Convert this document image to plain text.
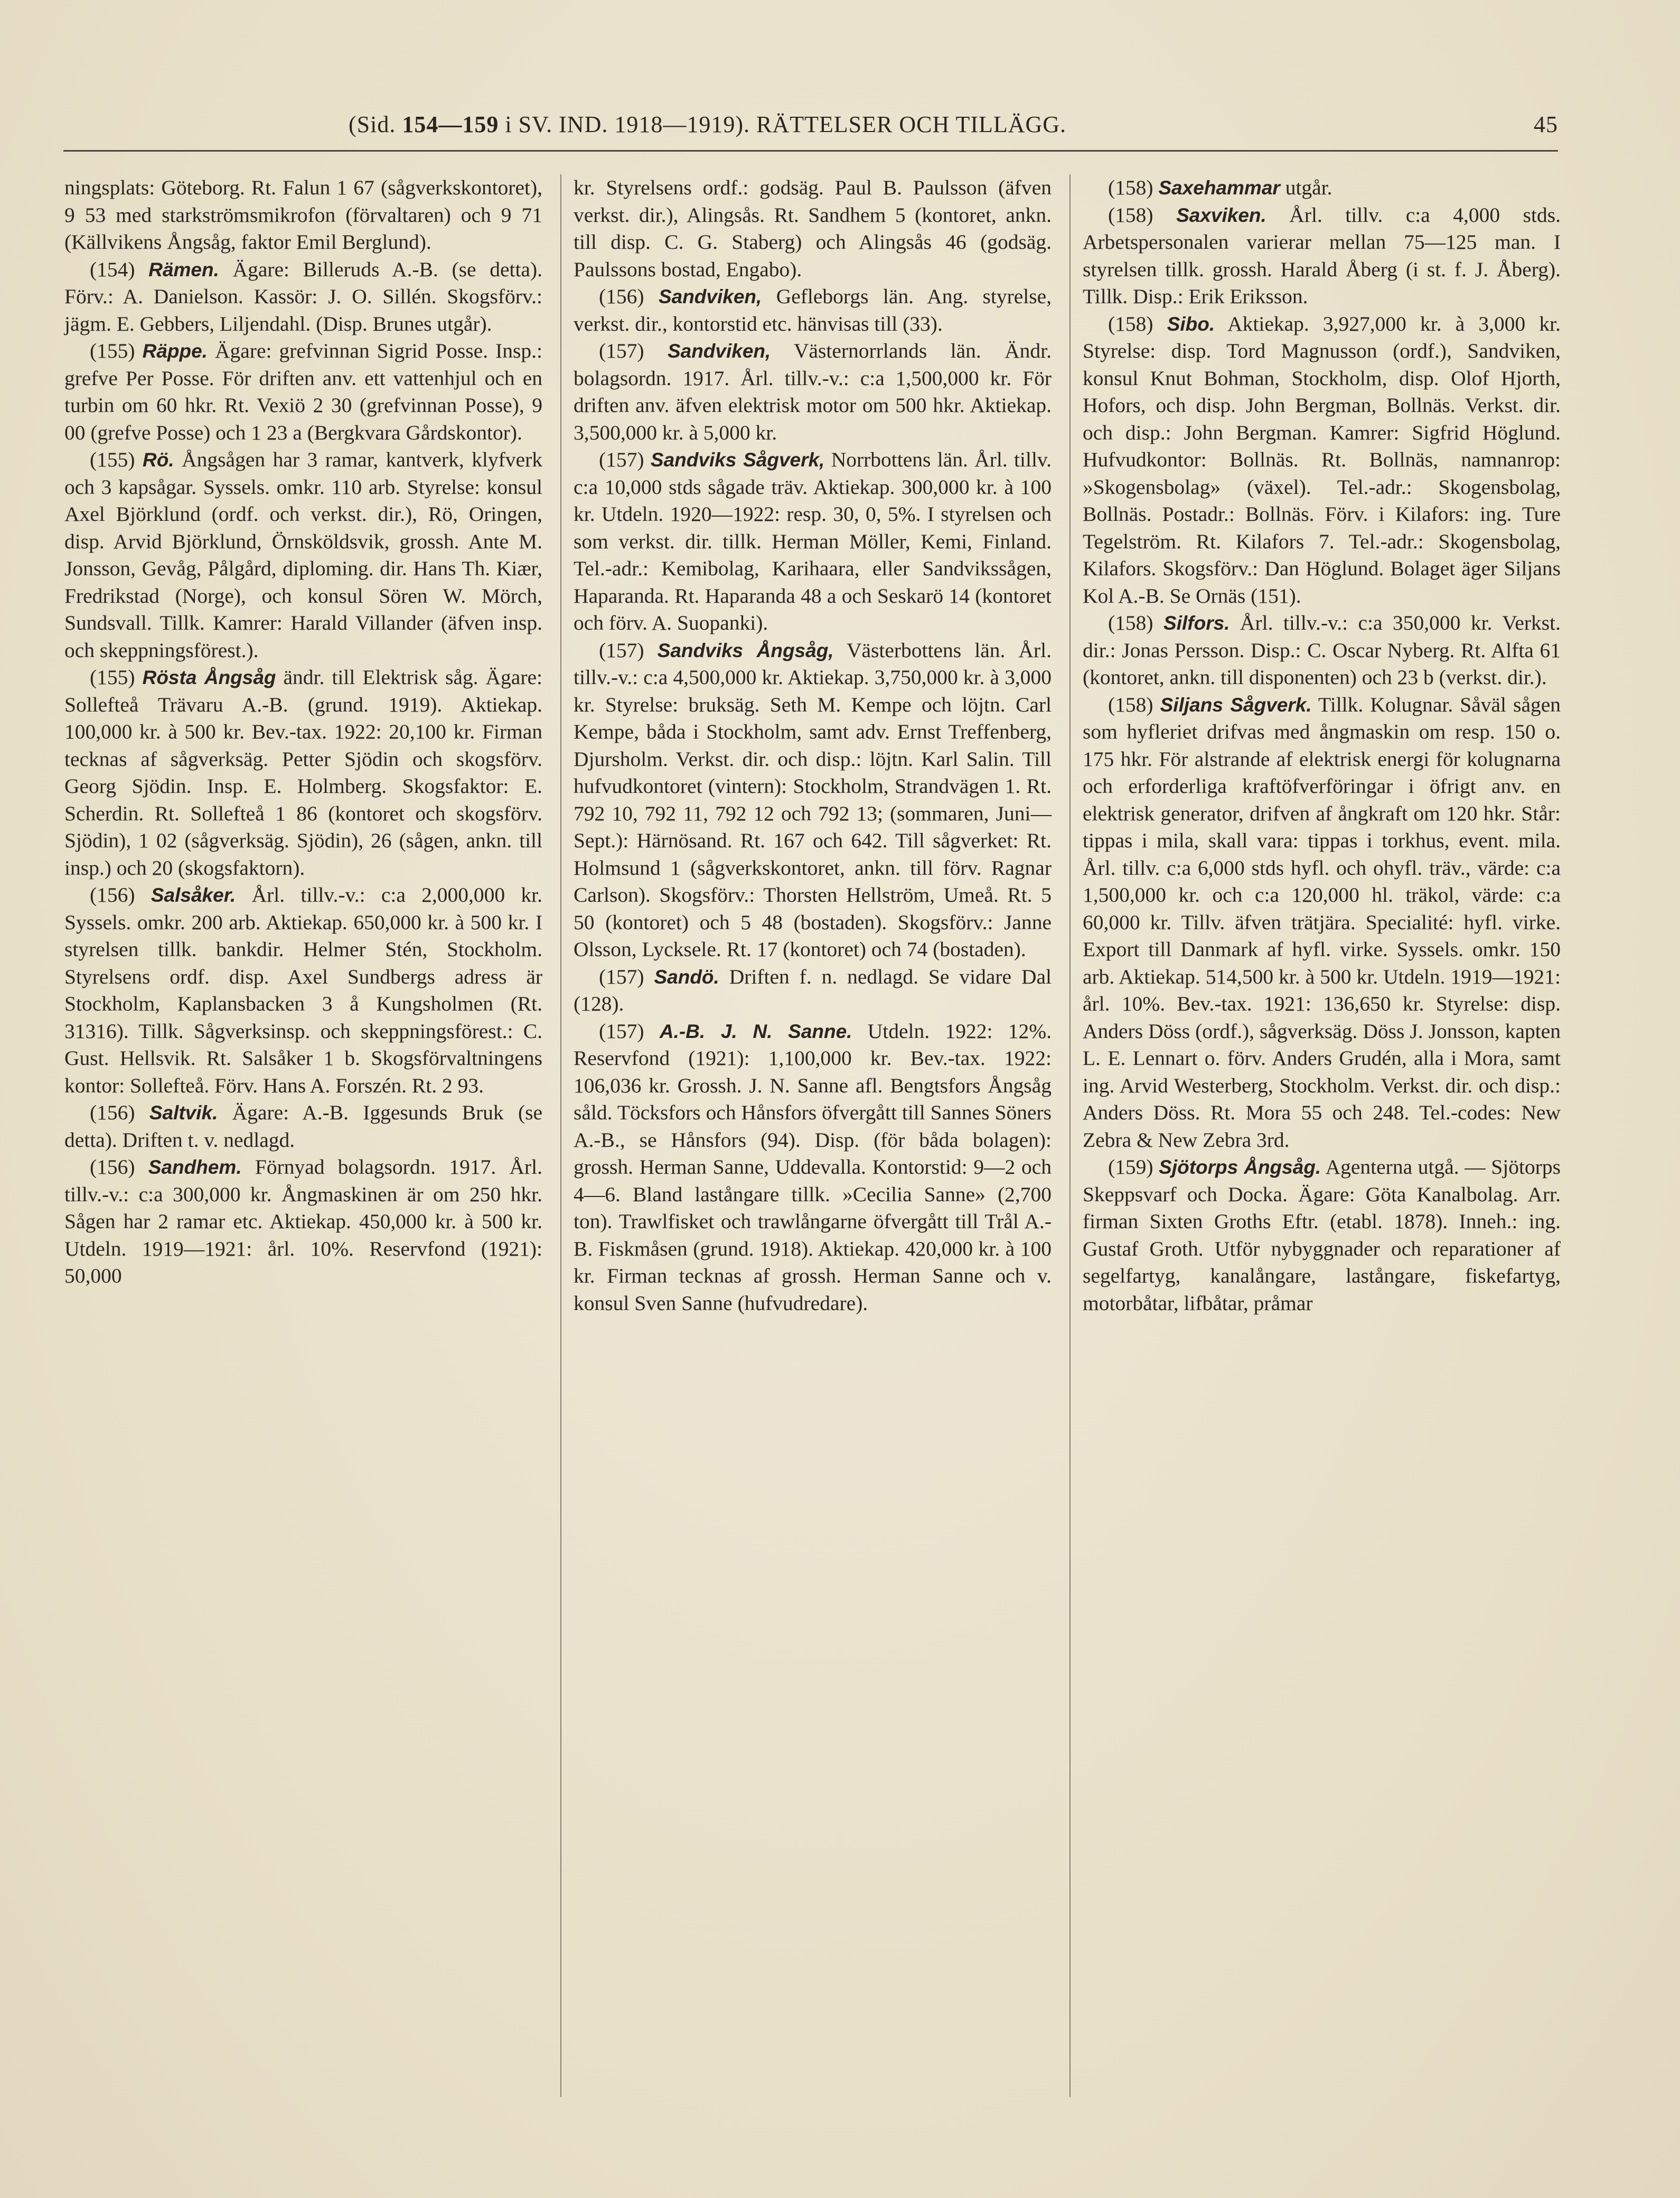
(Sid. 154—159 i SV. IND. 1918—1919). RÄTTELSER OCH TILLÄGG.	45

ningsplats: Göteborg. Rt. Falun 1 67 (sågverkskontoret), 9 53 med starkströmsmikrofon (förvaltaren) och 9 71 (Källvikens Ångsåg, faktor Emil Berglund).

(154) Rämen. Ägare: Billeruds A.-B. (se detta). Förv.: A. Danielson. Kassör: J. O. Sillén. Skogsförv.: jägm. E. Gebbers, Liljendahl. (Disp. Brunes utgår).

(155) Räppe. Ägare: grefvinnan Sigrid Posse. Insp.: grefve Per Posse. För driften anv. ett vattenhjul och en turbin om 60 hkr. Rt. Vexiö 2 30 (grefvinnan Posse), 9 00 (grefve Posse) och 1 23 a (Bergkvara Gårdskontor).

(155) Rö. Ångsågen har 3 ramar, kantverk, klyfverk och 3 kapsågar. Syssels. omkr. 110 arb. Styrelse: konsul Axel Björklund (ordf. och verkst. dir.), Rö, Oringen, disp. Arvid Björklund, Örnsköldsvik, grossh. Ante M. Jonsson, Gevåg, Pålgård, diploming. dir. Hans Th. Kiær, Fredrikstad (Norge), och konsul Sören W. Mörch, Sundsvall. Tillk. Kamrer: Harald Villander (äfven insp. och skeppningsförest.).

(155) Rösta Ångsåg ändr. till Elektrisk såg. Ägare: Sollefteå Trävaru A.-B. (grund. 1919). Aktiekap. 100,000 kr. à 500 kr. Bev.-tax. 1922: 20,100 kr. Firman tecknas af sågverksäg. Petter Sjödin och skogsförv. Georg Sjödin. Insp. E. Holmberg. Skogsfaktor: E. Scherdin. Rt. Sollefteå 1 86 (kontoret och skogsförv. Sjödin), 1 02 (sågverksäg. Sjödin), 26 (sågen, ankn. till insp.) och 20 (skogsfaktorn).

(156) Salsåker. Årl. tillv.-v.: c:a 2,000,000 kr. Syssels. omkr. 200 arb. Aktiekap. 650,000 kr. à 500 kr. I styrelsen tillk. bankdir. Helmer Stén, Stockholm. Styrelsens ordf. disp. Axel Sundbergs adress är Stockholm, Kaplansbacken 3 å Kungsholmen (Rt. 31316). Tillk. Sågverksinsp. och skeppningsförest.: C. Gust. Hellsvik. Rt. Salsåker 1 b. Skogsförvaltningens kontor: Sollefteå. Förv. Hans A. Forszén. Rt. 2 93.

(156) Saltvik. Ägare: A.-B. Iggesunds Bruk (se detta). Driften t. v. nedlagd.

(156) Sandhem. Förnyad bolagsordn. 1917. Årl. tillv.-v.: c:a 300,000 kr. Ångmaskinen är om 250 hkr. Sågen har 2 ramar etc. Aktiekap. 450,000 kr. à 500 kr. Utdeln. 1919—1921: årl. 10%. Reservfond (1921): 50,000

kr. Styrelsens ordf.: godsäg. Paul B. Paulsson (äfven verkst. dir.), Alingsås. Rt. Sandhem 5 (kontoret, ankn. till disp. C. G. Staberg) och Alingsås 46 (godsäg. Paulssons bostad, Engabo).

(156) Sandviken, Gefleborgs län. Ang. styrelse, verkst. dir., kontorstid etc. hänvisas till (33).

(157) Sandviken, Västernorrlands län. Ändr. bolagsordn. 1917. Årl. tillv.-v.: c:a 1,500,000 kr. För driften anv. äfven elektrisk motor om 500 hkr. Aktiekap. 3,500,000 kr. à 5,000 kr.

(157) Sandviks Sågverk, Norrbottens län. Årl. tillv. c:a 10,000 stds sågade träv. Aktiekap. 300,000 kr. à 100 kr. Utdeln. 1920—1922: resp. 30, 0, 5%. I styrelsen och som verkst. dir. tillk. Herman Möller, Kemi, Finland. Tel.-adr.: Kemibolag, Karihaara, eller Sandvikssågen, Haparanda. Rt. Haparanda 48 a och Seskarö 14 (kontoret och förv. A. Suopanki).

(157) Sandviks Ångsåg, Västerbottens län. Årl. tillv.-v.: c:a 4,500,000 kr. Aktiekap. 3,750,000 kr. à 3,000 kr. Styrelse: bruksäg. Seth M. Kempe och löjtn. Carl Kempe, båda i Stockholm, samt adv. Ernst Treffenberg, Djursholm. Verkst. dir. och disp.: löjtn. Karl Salin. Till hufvudkontoret (vintern): Stockholm, Strandvägen 1. Rt. 792 10, 792 11, 792 12 och 792 13; (sommaren, Juni—Sept.): Härnösand. Rt. 167 och 642. Till sågverket: Rt. Holmsund 1 (sågverkskontoret, ankn. till förv. Ragnar Carlson). Skogsförv.: Thorsten Hellström, Umeå. Rt. 5 50 (kontoret) och 5 48 (bostaden). Skogsförv.: Janne Olsson, Lycksele. Rt. 17 (kontoret) och 74 (bostaden).

(157) Sandö. Driften f. n. nedlagd. Se vidare Dal (128).

(157) A.-B. J. N. Sanne. Utdeln. 1922: 12%. Reservfond (1921): 1,100,000 kr. Bev.-tax. 1922: 106,036 kr. Grossh. J. N. Sanne afl. Bengtsfors Ångsåg såld. Töcksfors och Hånsfors öfvergått till Sannes Söners A.-B., se Hånsfors (94). Disp. (för båda bolagen): grossh. Herman Sanne, Uddevalla. Kontorstid: 9—2 och 4—6. Bland lastångare tillk. »Cecilia Sanne» (2,700 ton). Trawlfisket och trawlångarne öfvergått till Trål A.-B. Fiskmåsen (grund. 1918). Aktiekap. 420,000 kr. à 100 kr. Firman tecknas af grossh. Herman Sanne och v. konsul Sven Sanne (hufvudredare).

(158) Saxehammar utgår.

(158) Saxviken. Årl. tillv. c:a 4,000 stds. Arbetspersonalen varierar mellan 75—125 man. I styrelsen tillk. grossh. Harald Åberg (i st. f. J. Åberg). Tillk. Disp.: Erik Eriksson.

(158) Sibo. Aktiekap. 3,927,000 kr. à 3,000 kr. Styrelse: disp. Tord Magnusson (ordf.), Sandviken, konsul Knut Bohman, Stockholm, disp. Olof Hjorth, Hofors, och disp. John Bergman, Bollnäs. Verkst. dir. och disp.: John Bergman. Kamrer: Sigfrid Höglund. Hufvudkontor: Bollnäs. Rt. Bollnäs, namnanrop: »Skogensbolag» (växel). Tel.-adr.: Skogensbolag, Bollnäs. Postadr.: Bollnäs. Förv. i Kilafors: ing. Ture Tegelström. Rt. Kilafors 7. Tel.-adr.: Skogensbolag, Kilafors. Skogsförv.: Dan Höglund. Bolaget äger Siljans Kol A.-B. Se Ornäs (151).

(158) Silfors. Årl. tillv.-v.: c:a 350,000 kr. Verkst. dir.: Jonas Persson. Disp.: C. Oscar Nyberg. Rt. Alfta 61 (kontoret, ankn. till disponenten) och 23 b (verkst. dir.).

(158) Siljans Sågverk. Tillk. Kolugnar. Såväl sågen som hyfleriet drifvas med ångmaskin om resp. 150 o. 175 hkr. För alstrande af elektrisk energi för kolugnarna och erforderliga kraftöfverföringar i öfrigt anv. en elektrisk generator, drifven af ångkraft om 120 hkr. Står: tippas i mila, skall vara: tippas i torkhus, event. mila. Årl. tillv. c:a 6,000 stds hyfl. och ohyfl. träv., värde: c:a 1,500,000 kr. och c:a 120,000 hl. träkol, värde: c:a 60,000 kr. Tillv. äfven trätjära. Specialité: hyfl. virke. Export till Danmark af hyfl. virke. Syssels. omkr. 150 arb. Aktiekap. 514,500 kr. à 500 kr. Utdeln. 1919—1921: årl. 10%. Bev.-tax. 1921: 136,650 kr. Styrelse: disp. Anders Döss (ordf.), sågverksäg. Döss J. Jonsson, kapten L. E. Lennart o. förv. Anders Grudén, alla i Mora, samt ing. Arvid Westerberg, Stockholm. Verkst. dir. och disp.: Anders Döss. Rt. Mora 55 och 248. Tel.-codes: New Zebra & New Zebra 3rd.

(159) Sjötorps Ångsåg. Agenterna utgå. — Sjötorps Skeppsvarf och Docka. Ägare: Göta Kanalbolag. Arr. firman Sixten Groths Eftr. (etabl. 1878). Inneh.: ing. Gustaf Groth. Utför nybyggnader och reparationer af segelfartyg, kanalångare, lastångare, fiskefartyg, motorbåtar, lifbåtar, pråmar
